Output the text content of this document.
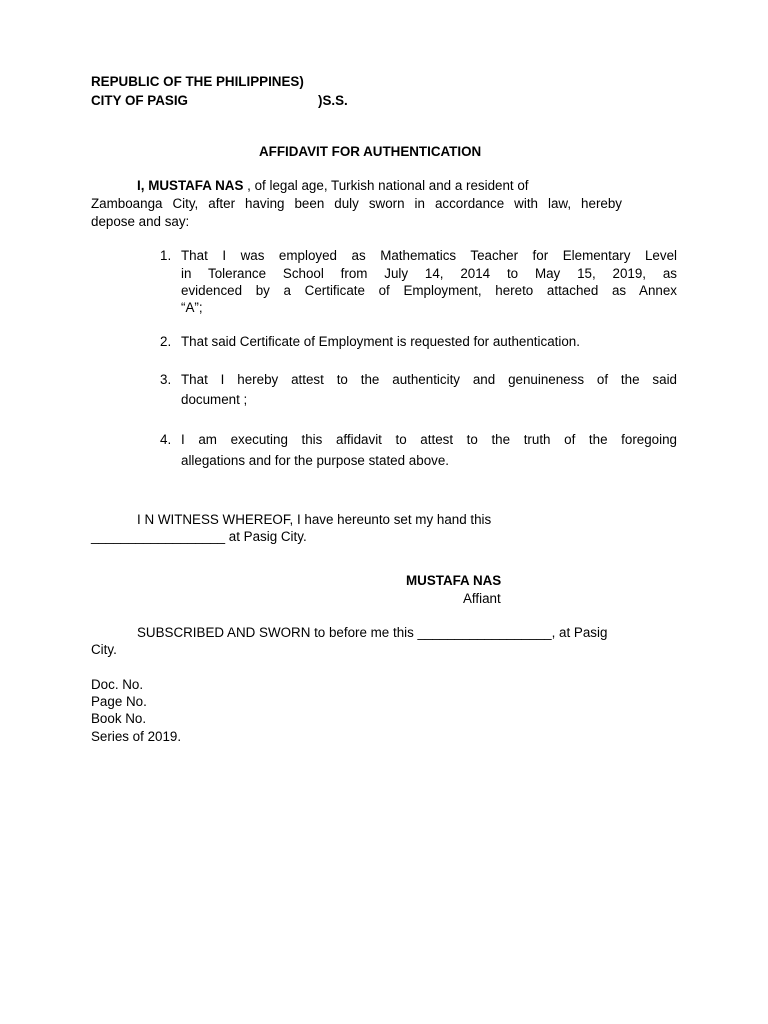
REPUBLIC OF THE PHILIPPINES)
CITY OF PASIG	)S.S.
AFFIDAVIT FOR AUTHENTICATION
I, MUSTAFA NAS , of legal age, Turkish national and a resident of
Zamboanga City, after having been duly sworn in accordance with law, hereby
depose and say:
1. That I was employed as Mathematics Teacher for Elementary Level
in Tolerance School from July 14, 2014 to May 15, 2019, as
evidenced by a Certificate of Employment, hereto attached as Annex
“A”;
2. That said Certificate of Employment is requested for authentication.
3. That I hereby attest to the authenticity and genuineness of the said
document ;
4. I am executing this affidavit to attest to the truth of the foregoing
allegations and for the purpose stated above.
I N WITNESS WHEREOF, I have hereunto set my hand this
__________________ at Pasig City.
MUSTAFA NAS
Affiant
SUBSCRIBED AND SWORN to before me this __________________, at Pasig
City.
Doc. No.
Page No.
Book No.
Series of 2019.
